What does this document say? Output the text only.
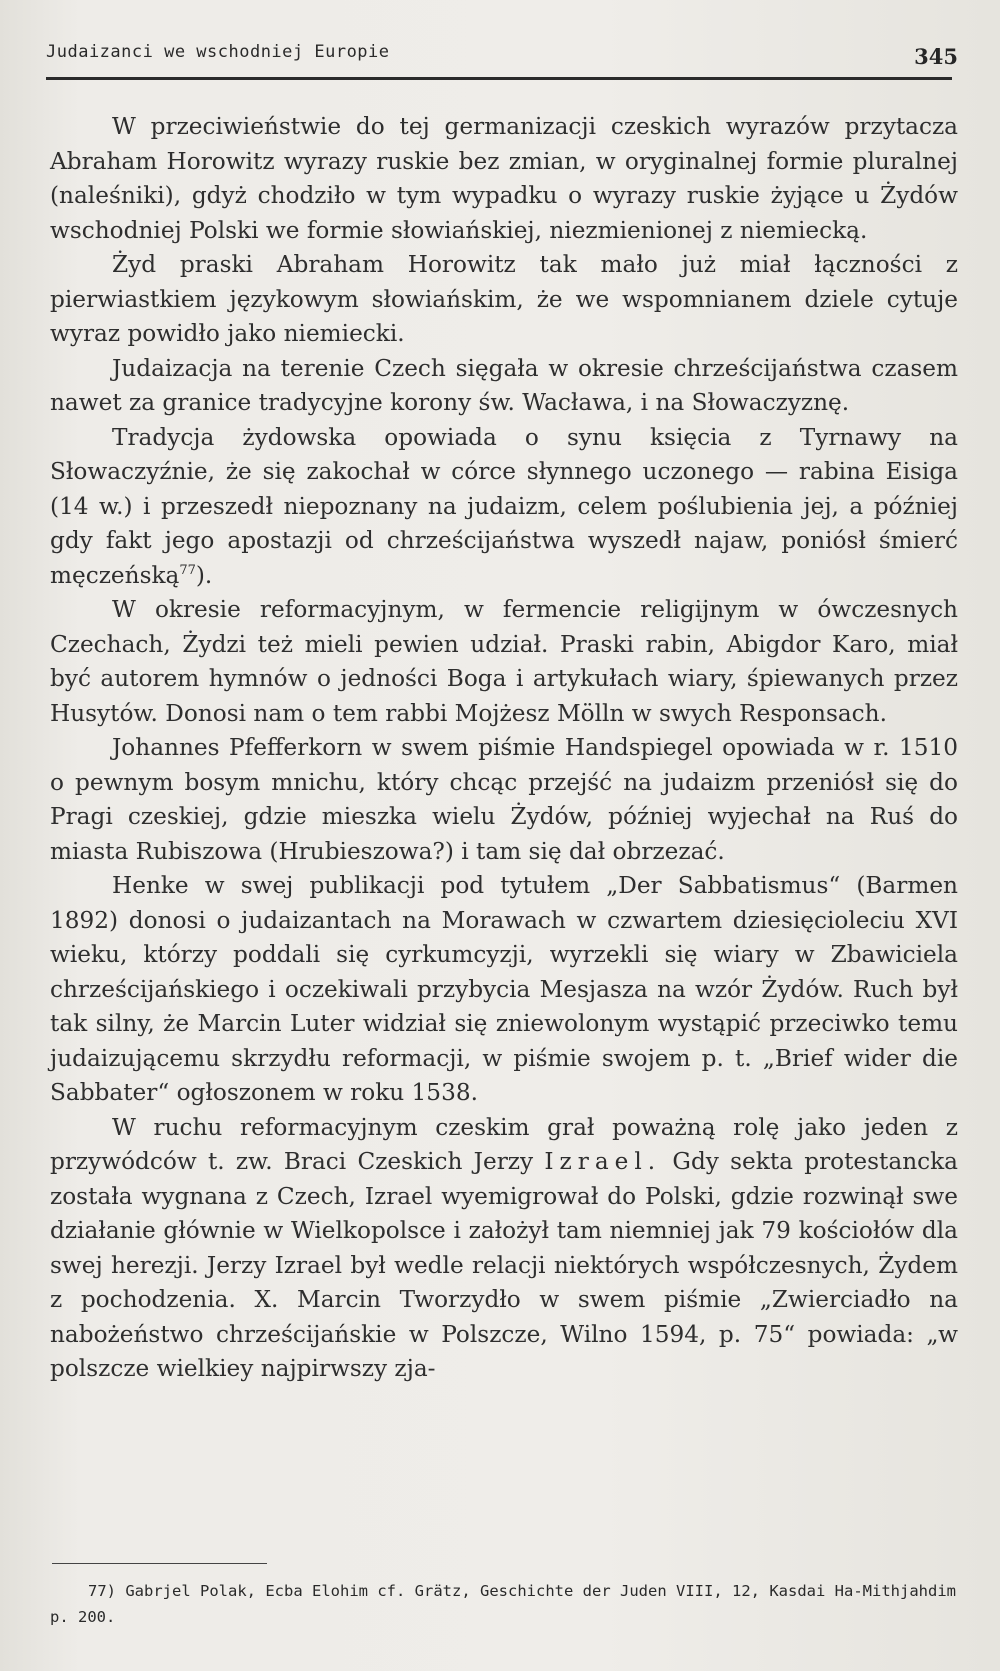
Judaizanci we wschodniej Europie	345

W przeciwieństwie do tej germanizacji czeskich wyrazów przytacza Abraham Horowitz wyrazy ruskie bez zmian, w oryginalnej formie pluralnej (naleśniki), gdyż chodziło w tym wypadku o wyrazy ruskie żyjące u Żydów wschodniej Polski we formie słowiańskiej, niezmienionej z niemiecką.

Żyd praski Abraham Horowitz tak mało już miał łączności z pierwiastkiem językowym słowiańskim, że we wspomnianem dziele cytuje wyraz powidło jako niemiecki.

Judaizacja na terenie Czech sięgała w okresie chrześcijaństwa czasem nawet za granice tradycyjne korony św. Wacława, i na Słowaczyznę.

Tradycja żydowska opowiada o synu księcia z Tyrnawy na Słowaczyźnie, że się zakochał w córce słynnego uczonego — rabina Eisiga (14 w.) i przeszedł niepoznany na judaizm, celem poślubienia jej, a później gdy fakt jego apostazji od chrześcijaństwa wyszedł najaw, poniósł śmierć męczeńską$^{77}$).

W okresie reformacyjnym, w fermencie religijnym w ówczesnych Czechach, Żydzi też mieli pewien udział. Praski rabin, Abigdor Karo, miał być autorem hymnów o jedności Boga i artykułach wiary, śpiewanych przez Husytów. Donosi nam o tem rabbi Mojżesz Mölln w swych Responsach.

Johannes Pfefferkorn w swem piśmie Handspiegel opowiada w r. 1510 o pewnym bosym mnichu, który chcąc przejść na judaizm przeniósł się do Pragi czeskiej, gdzie mieszka wielu Żydów, później wyjechał na Ruś do miasta Rubiszowa (Hrubieszowa?) i tam się dał obrzezać.

Henke w swej publikacji pod tytułem „Der Sabbatismus“ (Barmen 1892) donosi o judaizantach na Morawach w czwartem dziesięcioleciu XVI wieku, którzy poddali się cyrkumcyzji, wyrzekli się wiary w Zbawiciela chrześcijańskiego i oczekiwali przybycia Mesjasza na wzór Żydów. Ruch był tak silny, że Marcin Luter widział się zniewolonym wystąpić przeciwko temu judaizującemu skrzydłu reformacji, w piśmie swojem p. t. „Brief wider die Sabbater“ ogłoszonem w roku 1538.

W ruchu reformacyjnym czeskim grał poważną rolę jako jeden z przywódców t. zw. Braci Czeskich Jerzy Izrael. Gdy sekta protestancka została wygnana z Czech, Izrael wyemigrował do Polski, gdzie rozwinął swe działanie głównie w Wielkopolsce i założył tam niemniej jak 79 kościołów dla swej herezji. Jerzy Izrael był wedle relacji niektórych współczesnych, Żydem z pochodzenia. X. Marcin Tworzydło w swem piśmie „Zwierciadło na nabożeństwo chrześcijańskie w Polszcze, Wilno 1594, p. 75“ powiada: „w polszcze wielkiey najpirwszy zja-

77) Gabrjel Polak, Ecba Elohim cf. Grätz, Geschichte der Juden VIII, 12, Kasdai Ha-Mithjahdim p. 200.
